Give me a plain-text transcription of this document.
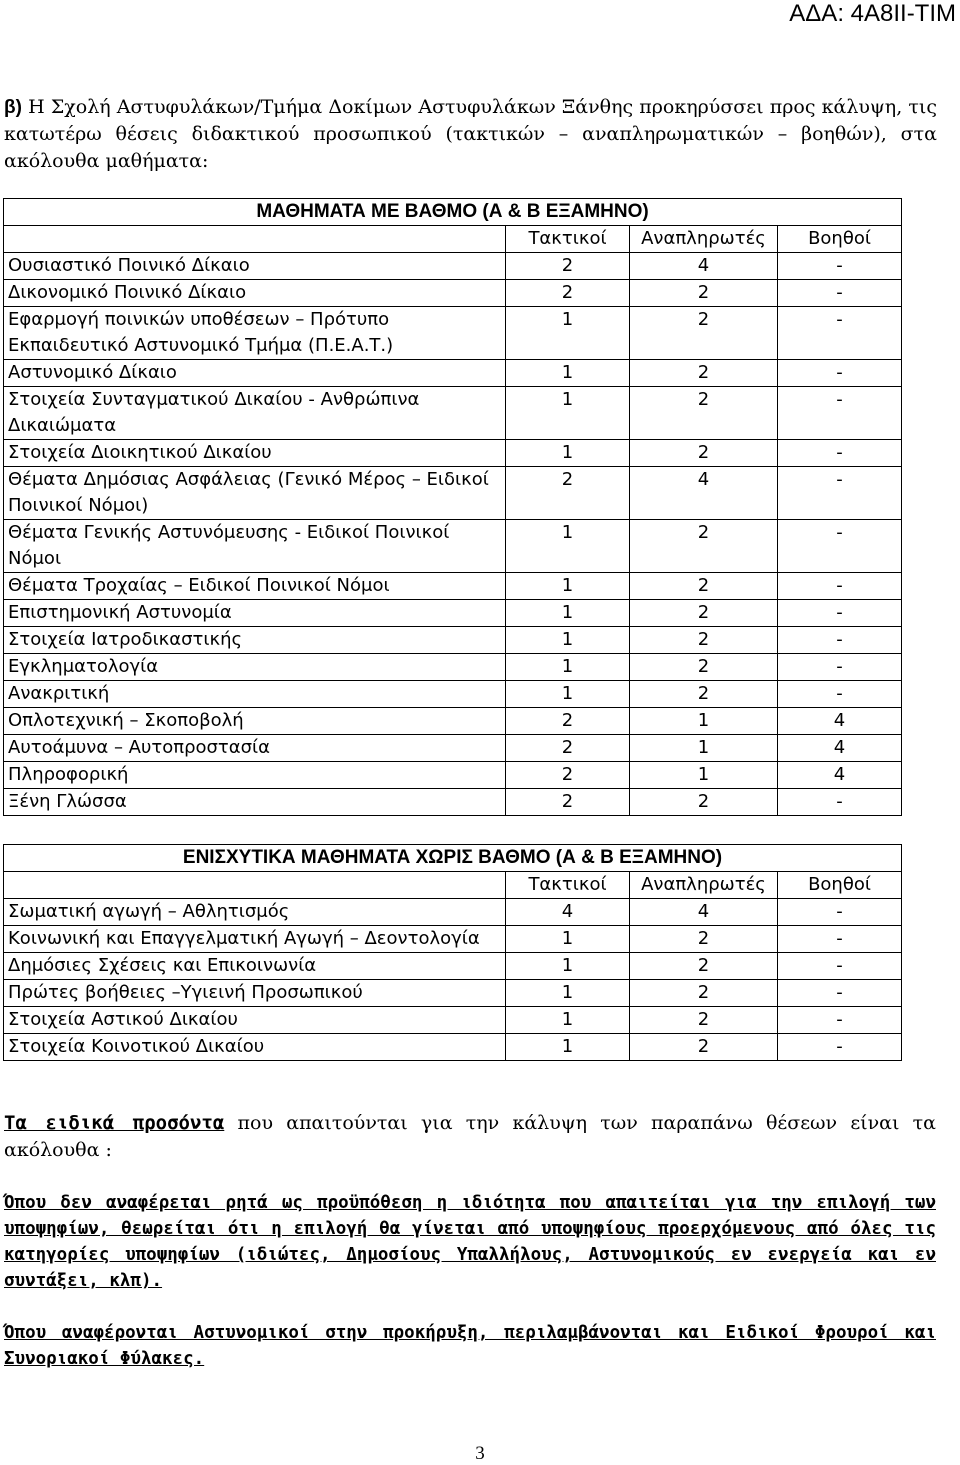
ΑΔΑ: 4Α8ΙΙ-ΤΙΜ

β) Η Σχολή Αστυφυλάκων/Τμήμα Δοκίμων Αστυφυλάκων Ξάνθης προκηρύσσει προς κάλυψη, τις κατωτέρω θέσεις διδακτικού προσωπικού (τακτικών – αναπληρωματικών – βοηθών), στα ακόλουθα μαθήματα:

ΜΑΘΗΜΑΤΑ ΜΕ ΒΑΘΜΟ (Α & Β ΕΞΑΜΗΝΟ)			
	Τακτικοί	Αναπληρωτές	Βοηθοί
Ουσιαστικό Ποινικό Δίκαιο	2	4	-
Δικονομικό Ποινικό Δίκαιο	2	2	-
Εφαρμογή ποινικών υποθέσεων – Πρότυπο Εκπαιδευτικό Αστυνομικό Τμήμα (Π.Ε.Α.Τ.)	1	2	-
Αστυνομικό Δίκαιο	1	2	-
Στοιχεία Συνταγματικού Δικαίου - Ανθρώπινα Δικαιώματα	1	2	-
Στοιχεία Διοικητικού Δικαίου	1	2	-
Θέματα Δημόσιας Ασφάλειας (Γενικό Μέρος – Ειδικοί Ποινικοί Νόμοι)	2	4	-
Θέματα Γενικής Αστυνόμευσης - Ειδικοί Ποινικοί Νόμοι	1	2	-
Θέματα Τροχαίας – Ειδικοί Ποινικοί Νόμοι	1	2	-
Επιστημονική Αστυνομία	1	2	-
Στοιχεία Ιατροδικαστικής	1	2	-
Εγκληματολογία	1	2	-
Ανακριτική	1	2	-
Οπλοτεχνική – Σκοποβολή	2	1	4
Αυτοάμυνα – Αυτοπροστασία	2	1	4
Πληροφορική	2	1	4
Ξένη Γλώσσα	2	2	-
ΕΝΙΣΧΥΤΙΚΑ ΜΑΘΗΜΑΤΑ ΧΩΡΙΣ ΒΑΘΜΟ (Α & Β ΕΞΑΜΗΝΟ)			
	Τακτικοί	Αναπληρωτές	Βοηθοί
Σωματική αγωγή – Αθλητισμός	4	4	-
Κοινωνική και Επαγγελματική Αγωγή – Δεοντολογία	1	2	-
Δημόσιες Σχέσεις και Επικοινωνία	1	2	-
Πρώτες βοήθειες –Υγιεινή Προσωπικού	1	2	-
Στοιχεία Αστικού Δικαίου	1	2	-
Στοιχεία Κοινοτικού Δικαίου	1	2	-

Τα ειδικά προσόντα που απαιτούνται για την κάλυψη των παραπάνω θέσεων είναι τα ακόλουθα :

Όπου δεν αναφέρεται ρητά ως προϋπόθεση η ιδιότητα που απαιτείται για την επιλογή των υποψηφίων, θεωρείται ότι η επιλογή θα γίνεται από υποψηφίους προερχόμενους από όλες τις κατηγορίες υποψηφίων (ιδιώτες, Δημοσίους Υπαλλήλους, Αστυνομικούς εν ενεργεία και εν συντάξει, κλπ).

Όπου αναφέρονται Αστυνομικοί στην προκήρυξη, περιλαμβάνονται και Ειδικοί Φρουροί και Συνοριακοί Φύλακες.

3
